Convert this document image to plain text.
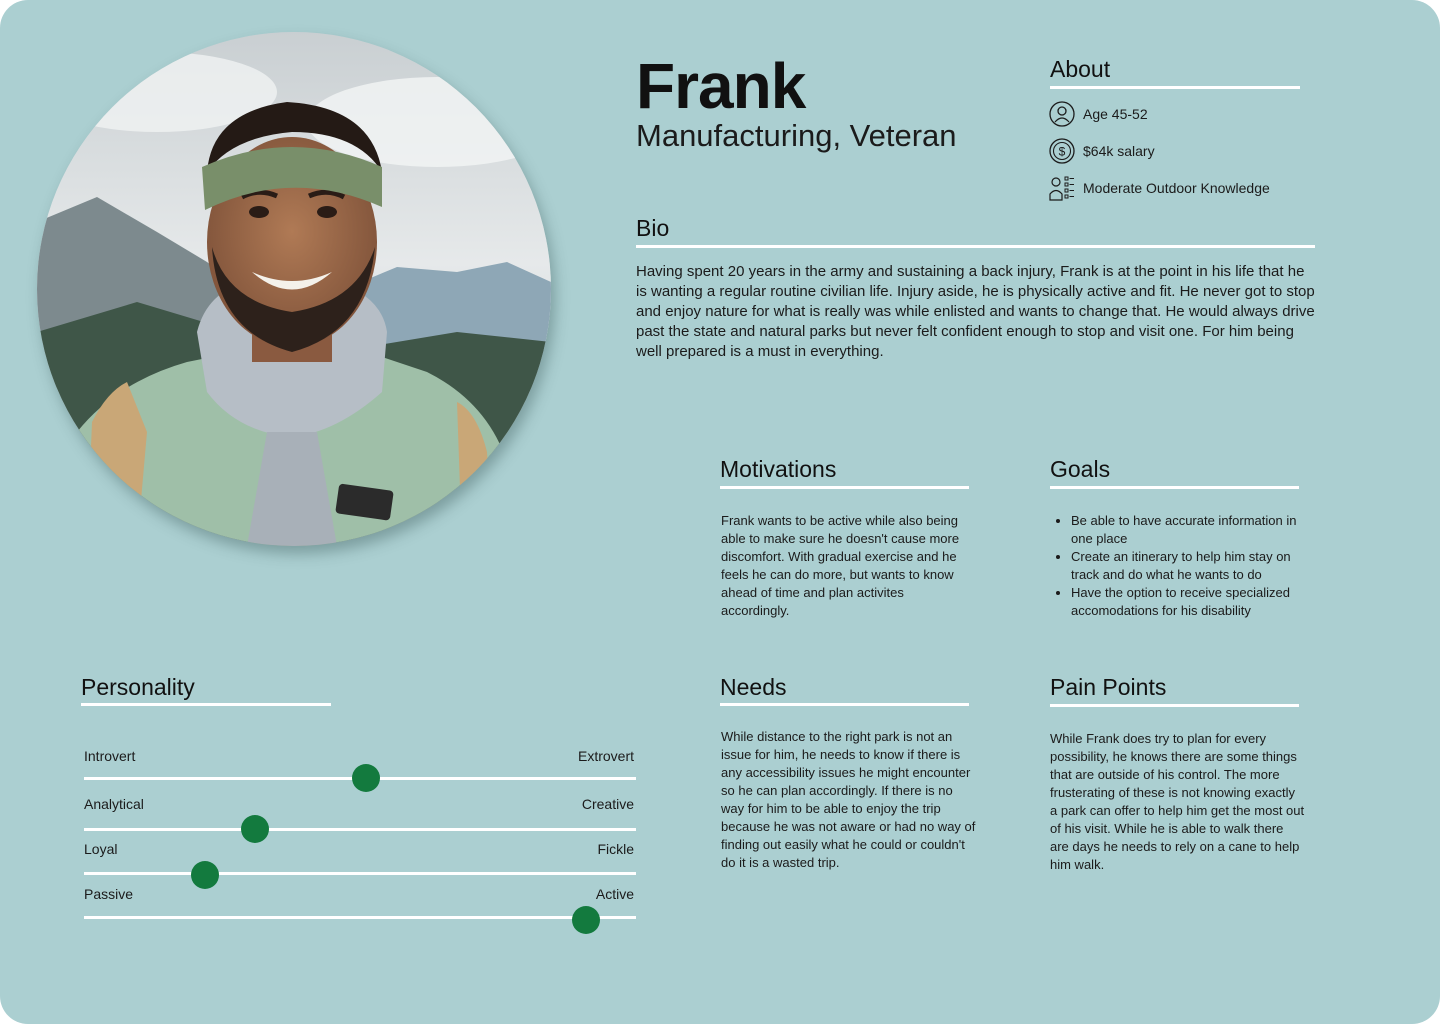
Frank
Manufacturing, Veteran
About
Age 45-52
$ $64k salary
Moderate Outdoor Knowledge
Bio
Having spent 20 years in the army and sustaining a back injury, Frank is at the point in his life that he is wanting a regular routine civilian life. Injury aside, he is physically active and fit. He never got to stop and enjoy nature for what is really was while enlisted and wants to change that. He would always drive past the state and natural parks but never felt confident enough to stop and visit one. For him being well prepared is a must in everything.
Motivations
Frank wants to be active while also being able to make sure he doesn't cause more discomfort. With gradual exercise and he feels he can do more, but wants to know ahead of time and plan activites accordingly.
Goals
• Be able to have accurate information in one place
• Create an itinerary to help him stay on track and do what he wants to do
• Have the option to receive specialized accomodations for his disability
Needs
While distance to the right park is not an issue for him, he needs to know if there is any accessibility issues he might encounter so he can plan accordingly. If there is no way for him to be able to enjoy the trip because he was not aware or had no way of finding out easily what he could or couldn't do it is a wasted trip.
Pain Points
While Frank does try to plan for every possibility, he knows there are some things that are outside of his control. The more frusterating of these is not knowing exactly a park can offer to help him get the most out of his visit. While he is able to walk there are days he needs to rely on a cane to help him walk.
Personality
Introvert	Extrovert
Analytical	Creative
Loyal	Fickle
Passive	Active
